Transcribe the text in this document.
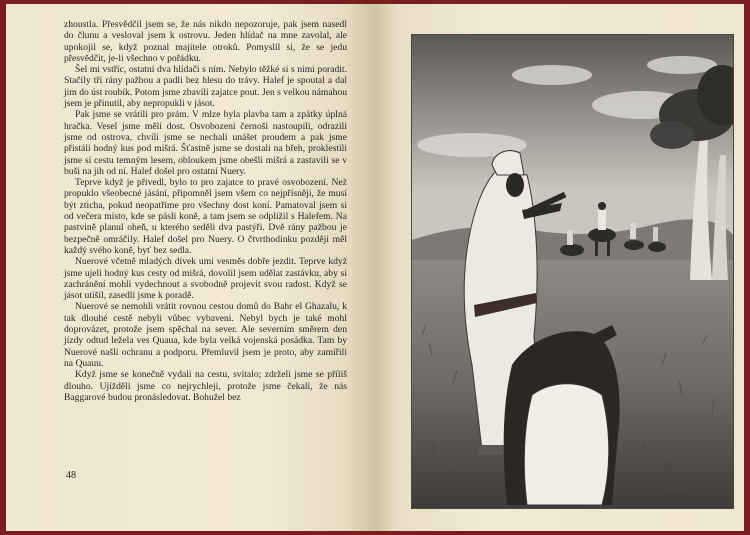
zhoustla. Přesvědčil jsem se, že nás nikdo nepozoruje, pak jsem nasedl do člunu a vesloval jsem k ostrovu. Jeden hlídač na mne zavolal, ale upokojil se, když poznal majitele otroků. Pomyslil si, že se jedu přesvědčit, je-li všechno v pořádku.

Šel mi vstříc, ostatní dva hlídači s ním. Nebylo těžké si s nimi poradit. Stačily tři rány pažbou a padli bez hlesu do trávy. Halef je spoutal a dal jim do úst roubík. Potom jsme zbavili zajatce pout. Jen s velkou námahou jsem je přinutil, aby nepropukli v jásot.

Pak jsme se vrátili pro prám. V mlze byla plavba tam a zpátky úplná hračka. Vesel jsme měli dost. Osvobození černoši nastoupili, odrazili jsme od ostrova, chvíli jsme se nechali unášet proudem a pak jsme přistáli hodný kus pod mišrá. Šťastně jsme se dostali na břeh, proklestili jsme si cestu temným lesem, obloukem jsme obešli mišrá a zastavili se v buši na jih od ní. Halef došel pro ostatní Nuery.

Teprve když je přivedl, bylo to pro zajatce to pravé osvobození. Než propuklo všeobecné jásání, připomněl jsem všem co nejpřísněji, že musí být zticha, pokud neopatříme pro všechny dost koní. Pamatoval jsem si od večera místo, kde se pásli koně, a tam jsem se odplížil s Halefem. Na pastvině planul oheň, u kterého seděli dva pastýři. Dvě rány pažbou je bezpečně omráčily. Halef došel pro Nuery. O čtvrthodinku později měl každý svého koně, byť bez sedla.

Nuerové včetně mladých dívek umí vesměs dobře jezdit. Teprve když jsme ujeli hodný kus cesty od mišrá, dovolil jsem udělat zastávku, aby si zachránění mohli vydechnout a svobodně projevit svou radost. Když se jásot utišil, zasedli jsme k poradě.

Nuerové se nemohli vrátit rovnou cestou domů do Bahr el Ghazalu, k tak dlouhé cestě nebyli vůbec vybaveni. Nebyl bych je také mohl doprovázet, protože jsem spěchal na sever. Ale severním směrem den jízdy odtud ležela ves Quaua, kde byla velká vojenská posádka. Tam by Nuerové našli ochranu a podporu. Přemluvil jsem je proto, aby zamířili na Quauu.

Když jsme se konečně vydali na cestu, svítalo; zdrželi jsme se příliš dlouho. Ujížděli jsme co nejrychleji, protože jsme čekali, že nás Baggarové budou pronásledovat. Bohužel bez

48
~B.~~
